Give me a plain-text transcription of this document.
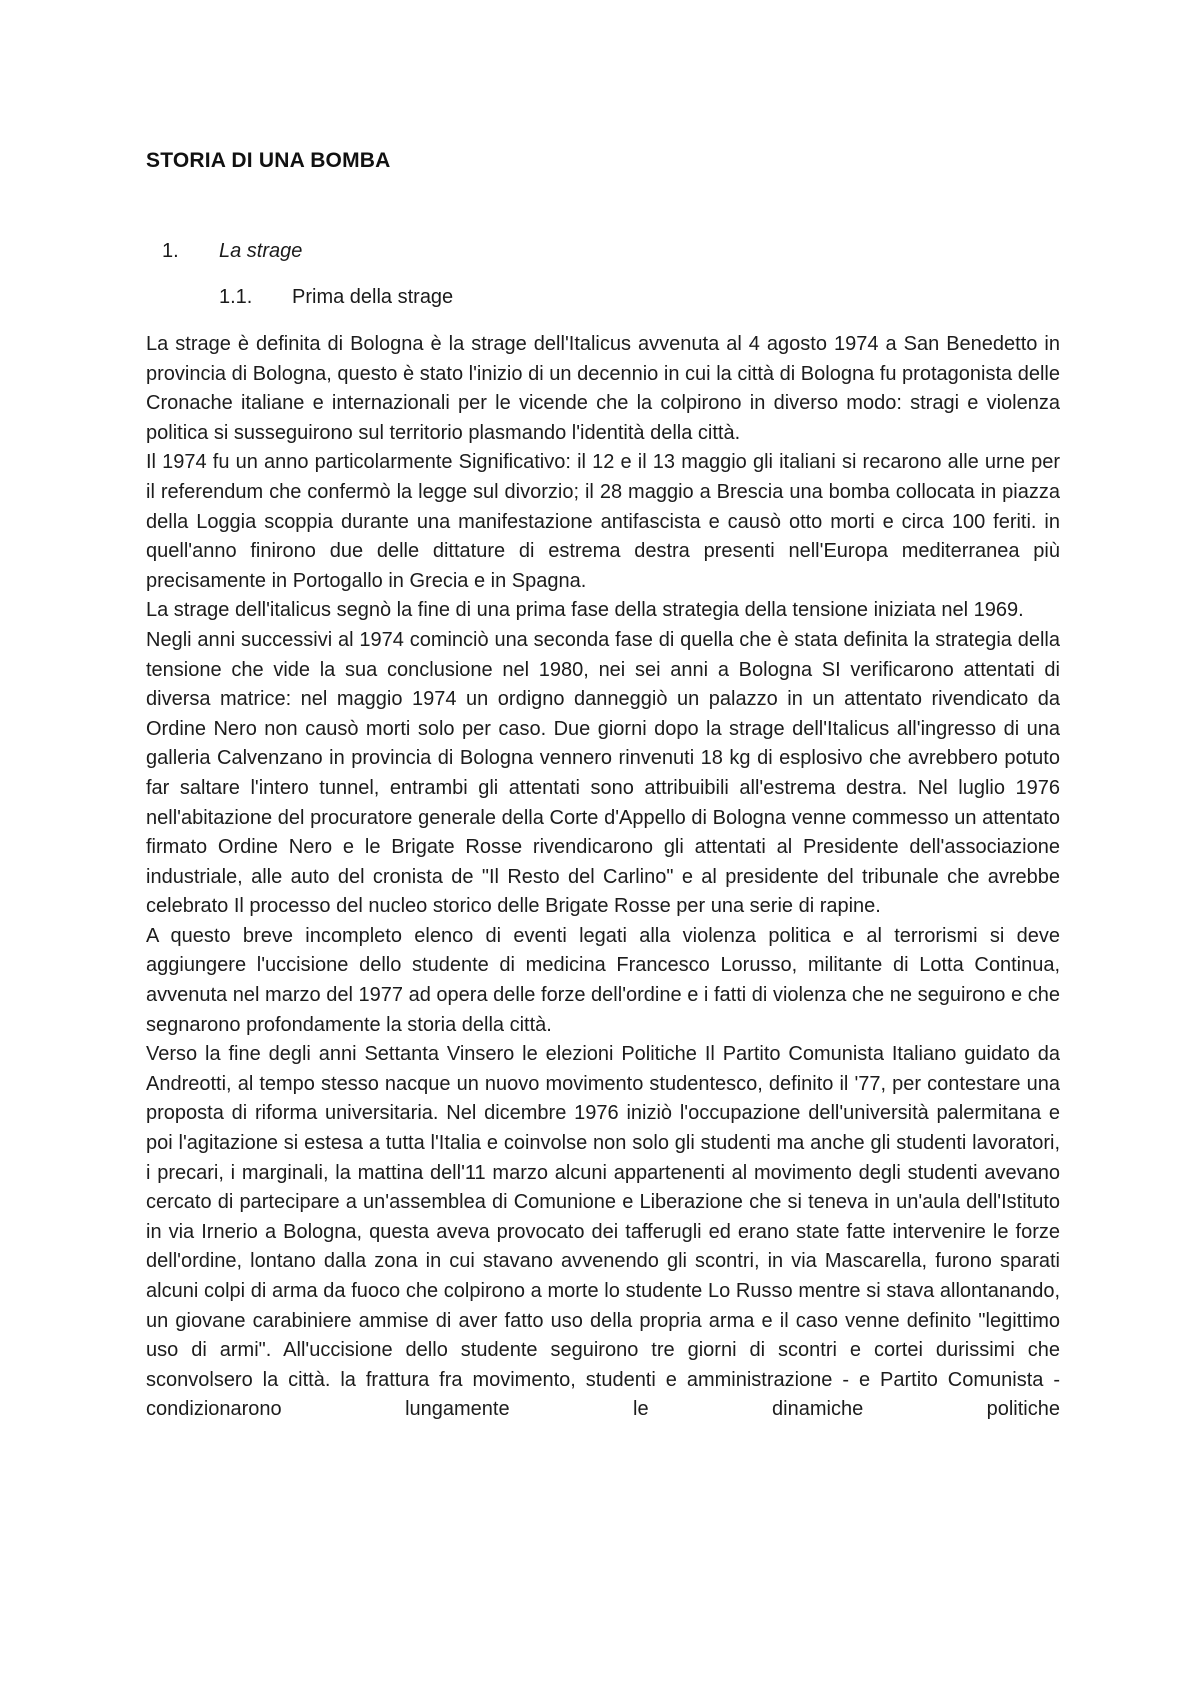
STORIA DI UNA BOMBA
1.	La strage
1.1.	Prima della strage

La strage è definita di Bologna è la strage dell'Italicus avvenuta al 4 agosto 1974 a San Benedetto in provincia di Bologna, questo è stato l'inizio di un decennio in cui la città di Bologna fu protagonista delle Cronache italiane e internazionali per le vicende che la colpirono in diverso modo: stragi e violenza politica si susseguirono sul territorio plasmando l'identità della città.

Il 1974 fu un anno particolarmente Significativo: il 12 e il 13 maggio gli italiani si recarono alle urne per il referendum che confermò la legge sul divorzio; il 28 maggio a Brescia una bomba collocata in piazza della Loggia scoppia durante una manifestazione antifascista e causò otto morti e circa 100 feriti. in quell'anno finirono due delle dittature di estrema destra presenti nell'Europa mediterranea più precisamente in Portogallo in Grecia e in Spagna.

La strage dell'italicus segnò la fine di una prima fase della strategia della tensione iniziata nel 1969.

Negli anni successivi al 1974 cominciò una seconda fase di quella che è stata definita la strategia della tensione che vide la sua conclusione nel 1980, nei sei anni a Bologna SI verificarono attentati di diversa matrice: nel maggio 1974 un ordigno danneggiò un palazzo in un attentato rivendicato da Ordine Nero non causò morti solo per caso. Due giorni dopo la strage dell'Italicus all'ingresso di una galleria Calvenzano in provincia di Bologna vennero rinvenuti 18 kg di esplosivo che avrebbero potuto far saltare l'intero tunnel, entrambi gli attentati sono attribuibili all'estrema destra. Nel luglio 1976 nell'abitazione del procuratore generale della Corte d'Appello di Bologna venne commesso un attentato firmato Ordine Nero e le Brigate Rosse rivendicarono gli attentati al Presidente dell'associazione industriale, alle auto del cronista de "Il Resto del Carlino" e al presidente del tribunale che avrebbe celebrato Il processo del nucleo storico delle Brigate Rosse per una serie di rapine.

A questo breve incompleto elenco di eventi legati alla violenza politica e al terrorismi si deve aggiungere l'uccisione dello studente di medicina Francesco Lorusso, militante di Lotta Continua, avvenuta nel marzo del 1977 ad opera delle forze dell'ordine e i fatti di violenza che ne seguirono e che segnarono profondamente la storia della città.

Verso la fine degli anni Settanta Vinsero le elezioni Politiche Il Partito Comunista Italiano guidato da Andreotti, al tempo stesso nacque un nuovo movimento studentesco, definito il '77, per contestare una proposta di riforma universitaria. Nel dicembre 1976 iniziò l'occupazione dell'università palermitana e poi l'agitazione si estesa a tutta l'Italia e coinvolse non solo gli studenti ma anche gli studenti lavoratori, i precari, i marginali, la mattina dell'11 marzo alcuni appartenenti al movimento degli studenti avevano cercato di partecipare a un'assemblea di Comunione e Liberazione che si teneva in un'aula dell'Istituto in via Irnerio a Bologna, questa aveva provocato dei tafferugli ed erano state fatte intervenire le forze dell'ordine, lontano dalla zona in cui stavano avvenendo gli scontri, in via Mascarella, furono sparati alcuni colpi di arma da fuoco che colpirono a morte lo studente Lo Russo mentre si stava allontanando, un giovane carabiniere ammise di aver fatto uso della propria arma e il caso venne definito "legittimo uso di armi". All'uccisione dello studente seguirono tre giorni di scontri e cortei durissimi che sconvolsero la città. la frattura fra movimento, studenti e amministrazione - e Partito Comunista - condizionarono lungamente le dinamiche politiche
